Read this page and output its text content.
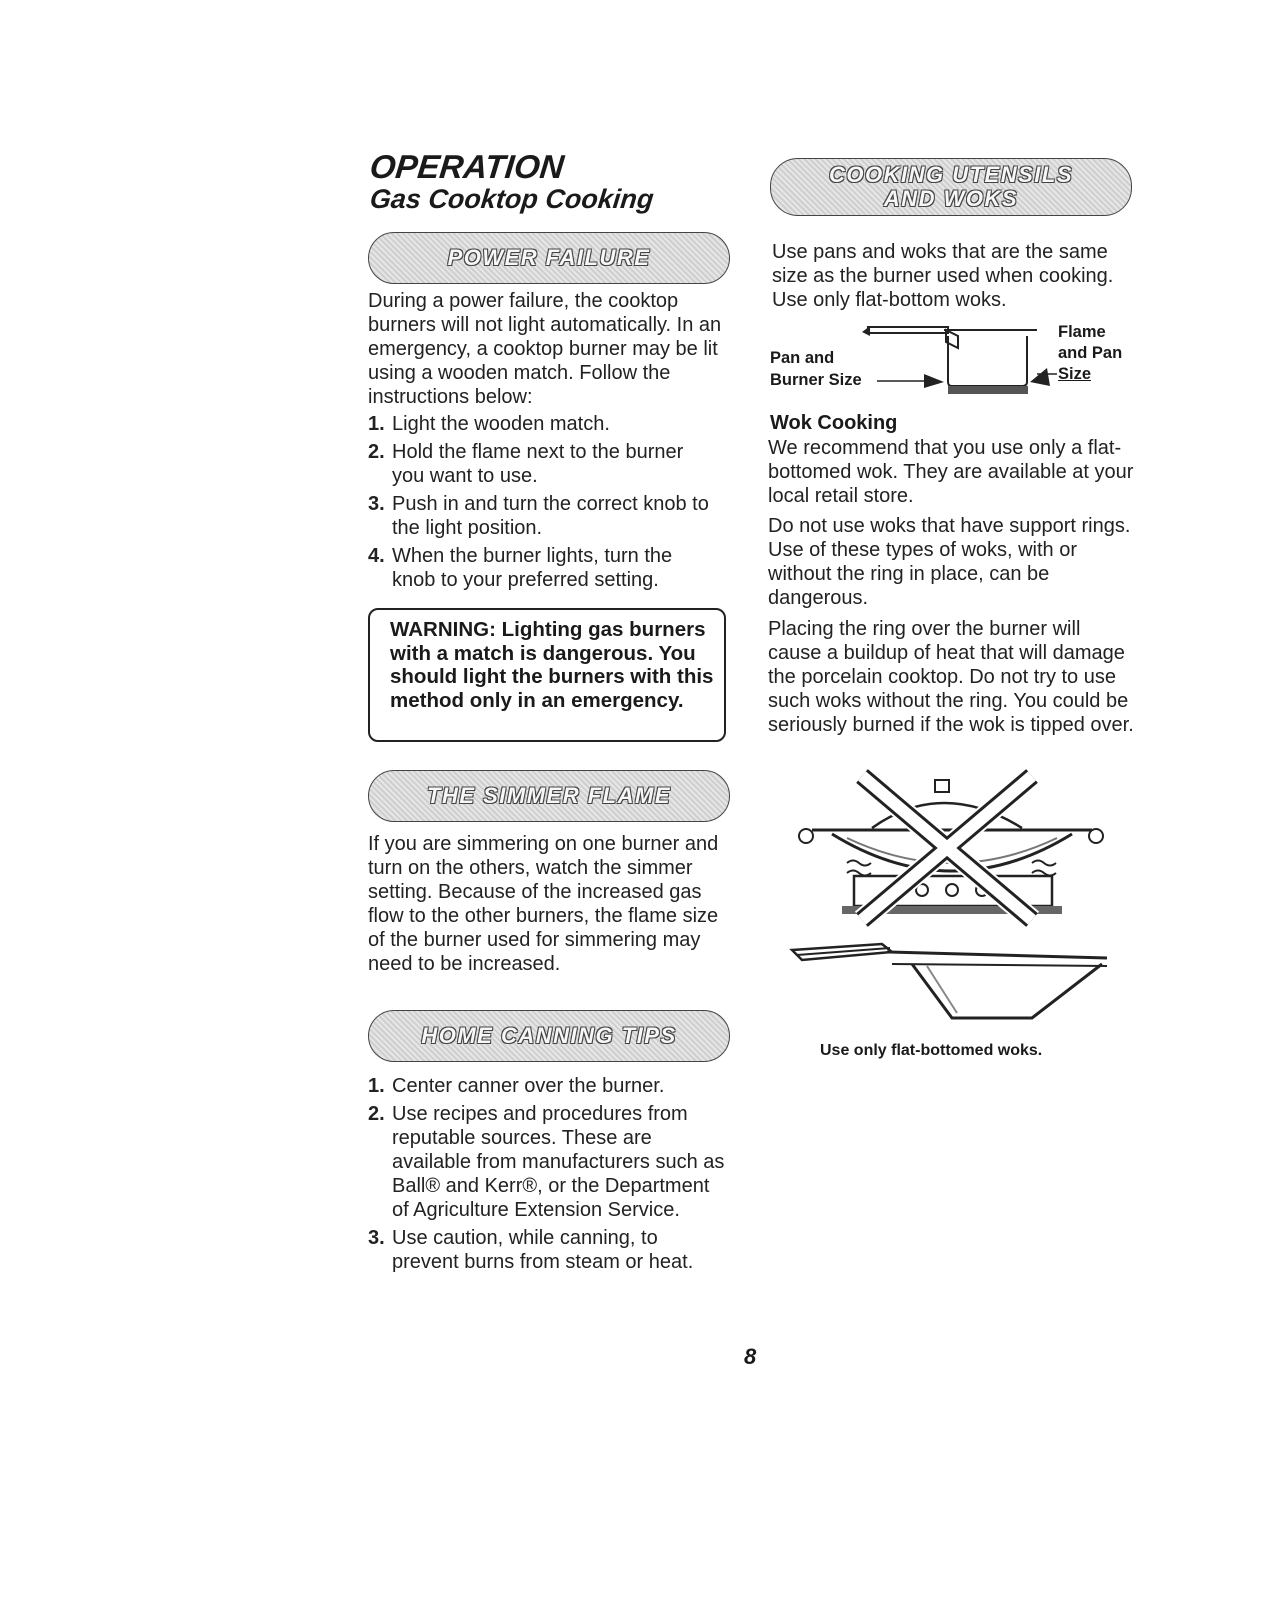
OPERATION
Gas Cooktop Cooking
POWER FAILURE
During a power failure, the cooktop burners will not light automatically. In an emergency, a cooktop burner may be lit using a wooden match. Follow the instructions below:
1. Light the wooden match.
2. Hold the flame next to the burner you want to use.
3. Push in and turn the correct knob to the light position.
4. When the burner lights, turn the knob to your preferred setting.
WARNING: Lighting gas burners with a match is dangerous. You should light the burners with this method only in an emergency.
THE SIMMER FLAME
If you are simmering on one burner and turn on the others, watch the simmer setting. Because of the increased gas flow to the other burners, the flame size of the burner used for simmering may need to be increased.
HOME CANNING TIPS
1. Center canner over the burner.
2. Use recipes and procedures from reputable sources. These are available from manufacturers such as Ball® and Kerr®, or the Department of Agriculture Extension Service.
3. Use caution, while canning, to prevent burns from steam or heat.
COOKING UTENSILS
AND WOKS
Use pans and woks that are the same size as the burner used when cooking. Use only flat-bottom woks.
Pan and
Burner Size
Flame
and Pan
Size
Wok Cooking
We recommend that you use only a flat-bottomed wok. They are available at your local retail store.
Do not use woks that have support rings. Use of these types of woks, with or without the ring in place, can be dangerous.
Placing the ring over the burner will cause a buildup of heat that will damage the porcelain cooktop. Do not try to use such woks without the ring. You could be seriously burned if the wok is tipped over.
Use only flat-bottomed woks.
8
